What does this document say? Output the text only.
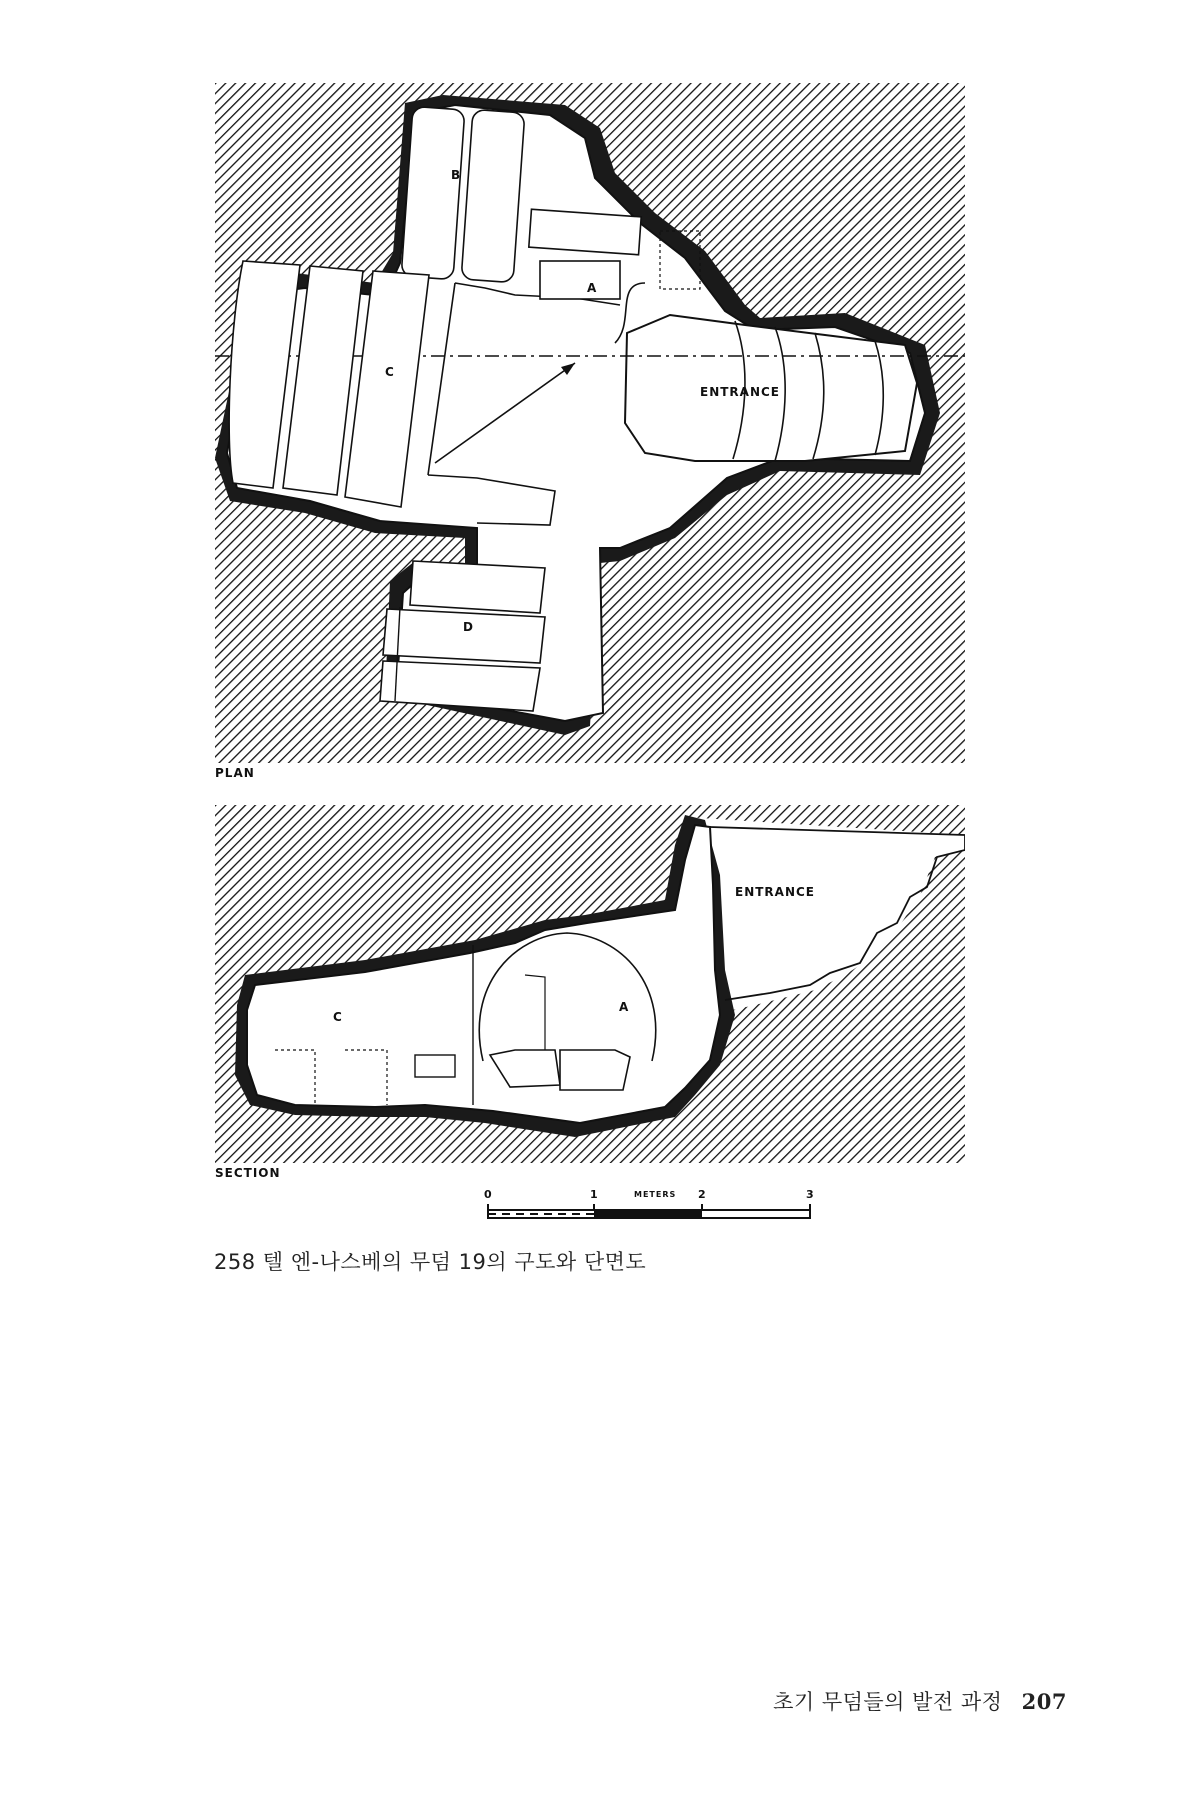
B
A
C
D
ENTRANCE
PLAN
C
A
ENTRANCE
SECTION
0	1	METERS 2	3
258 텔 엔-나스베의 무덤 19의 구도와 단면도
초기 무덤들의 발전 과정 207
